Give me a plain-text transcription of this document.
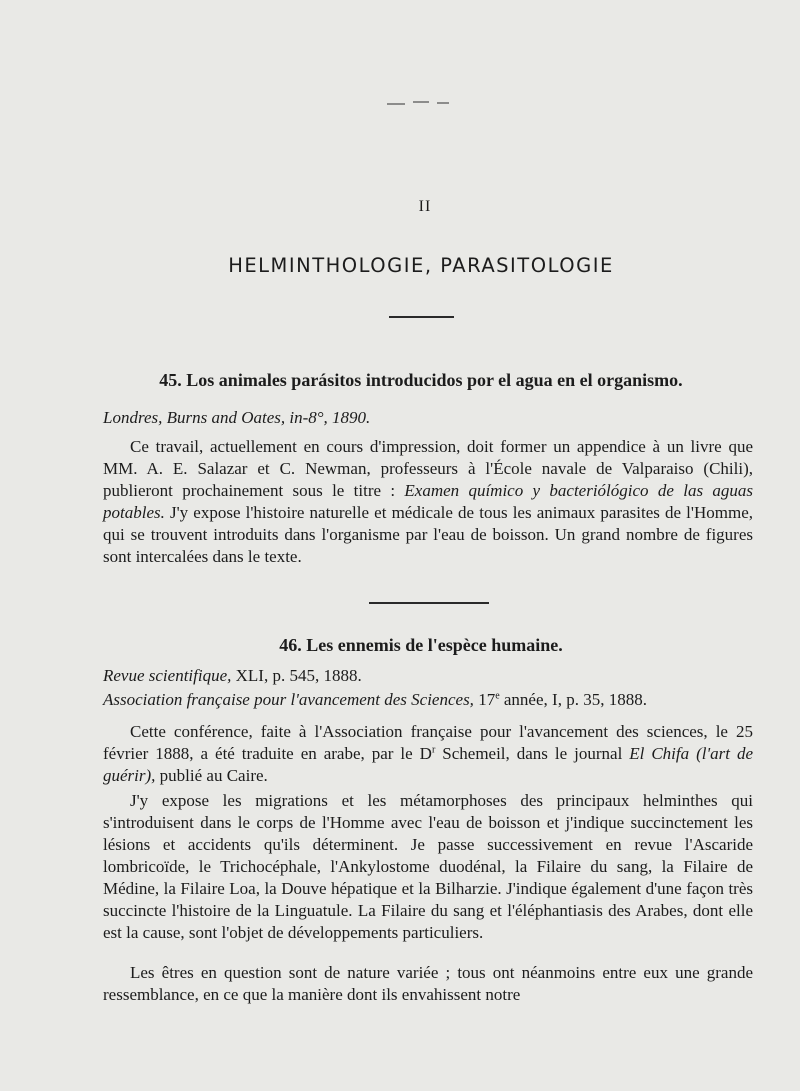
II
HELMINTHOLOGIE, PARASITOLOGIE
45. Los animales parásitos introducidos por el agua en el organismo.
Londres, Burns and Oates, in-8°, 1890.
Ce travail, actuellement en cours d'impression, doit former un appendice à un livre que MM. A. E. Salazar et C. Newman, professeurs à l'École navale de Valparaiso (Chili), publieront prochainement sous le titre : Examen químico y bacteriólógico de las aguas potables. J'y expose l'histoire naturelle et médicale de tous les animaux parasites de l'Homme, qui se trouvent introduits dans l'organisme par l'eau de boisson. Un grand nombre de figures sont intercalées dans le texte.
46. Les ennemis de l'espèce humaine.
Revue scientifique, XLI, p. 545, 1888.
Association française pour l'avancement des Sciences, 17e année, I, p. 35, 1888.
Cette conférence, faite à l'Association française pour l'avancement des sciences, le 25 février 1888, a été traduite en arabe, par le $D^r$ Schemeil, dans le journal El Chifa (l'art de guérir), publié au Caire.
J'y expose les migrations et les métamorphoses des principaux helminthes qui s'introduisent dans le corps de l'Homme avec l'eau de boisson et j'indique succinctement les lésions et accidents qu'ils déterminent. Je passe successivement en revue l'Ascaride lombricoïde, le Trichocéphale, l'Ankylostome duodénal, la Filaire du sang, la Filaire de Médine, la Filaire Loa, la Douve hépatique et la Bilharzie. J'indique également d'une façon très succincte l'histoire de la Linguatule. La Filaire du sang et l'éléphantiasis des Arabes, dont elle est la cause, sont l'objet de développements particuliers.
Les êtres en question sont de nature variée ; tous ont néanmoins entre eux une grande ressemblance, en ce que la manière dont ils envahissent notre
